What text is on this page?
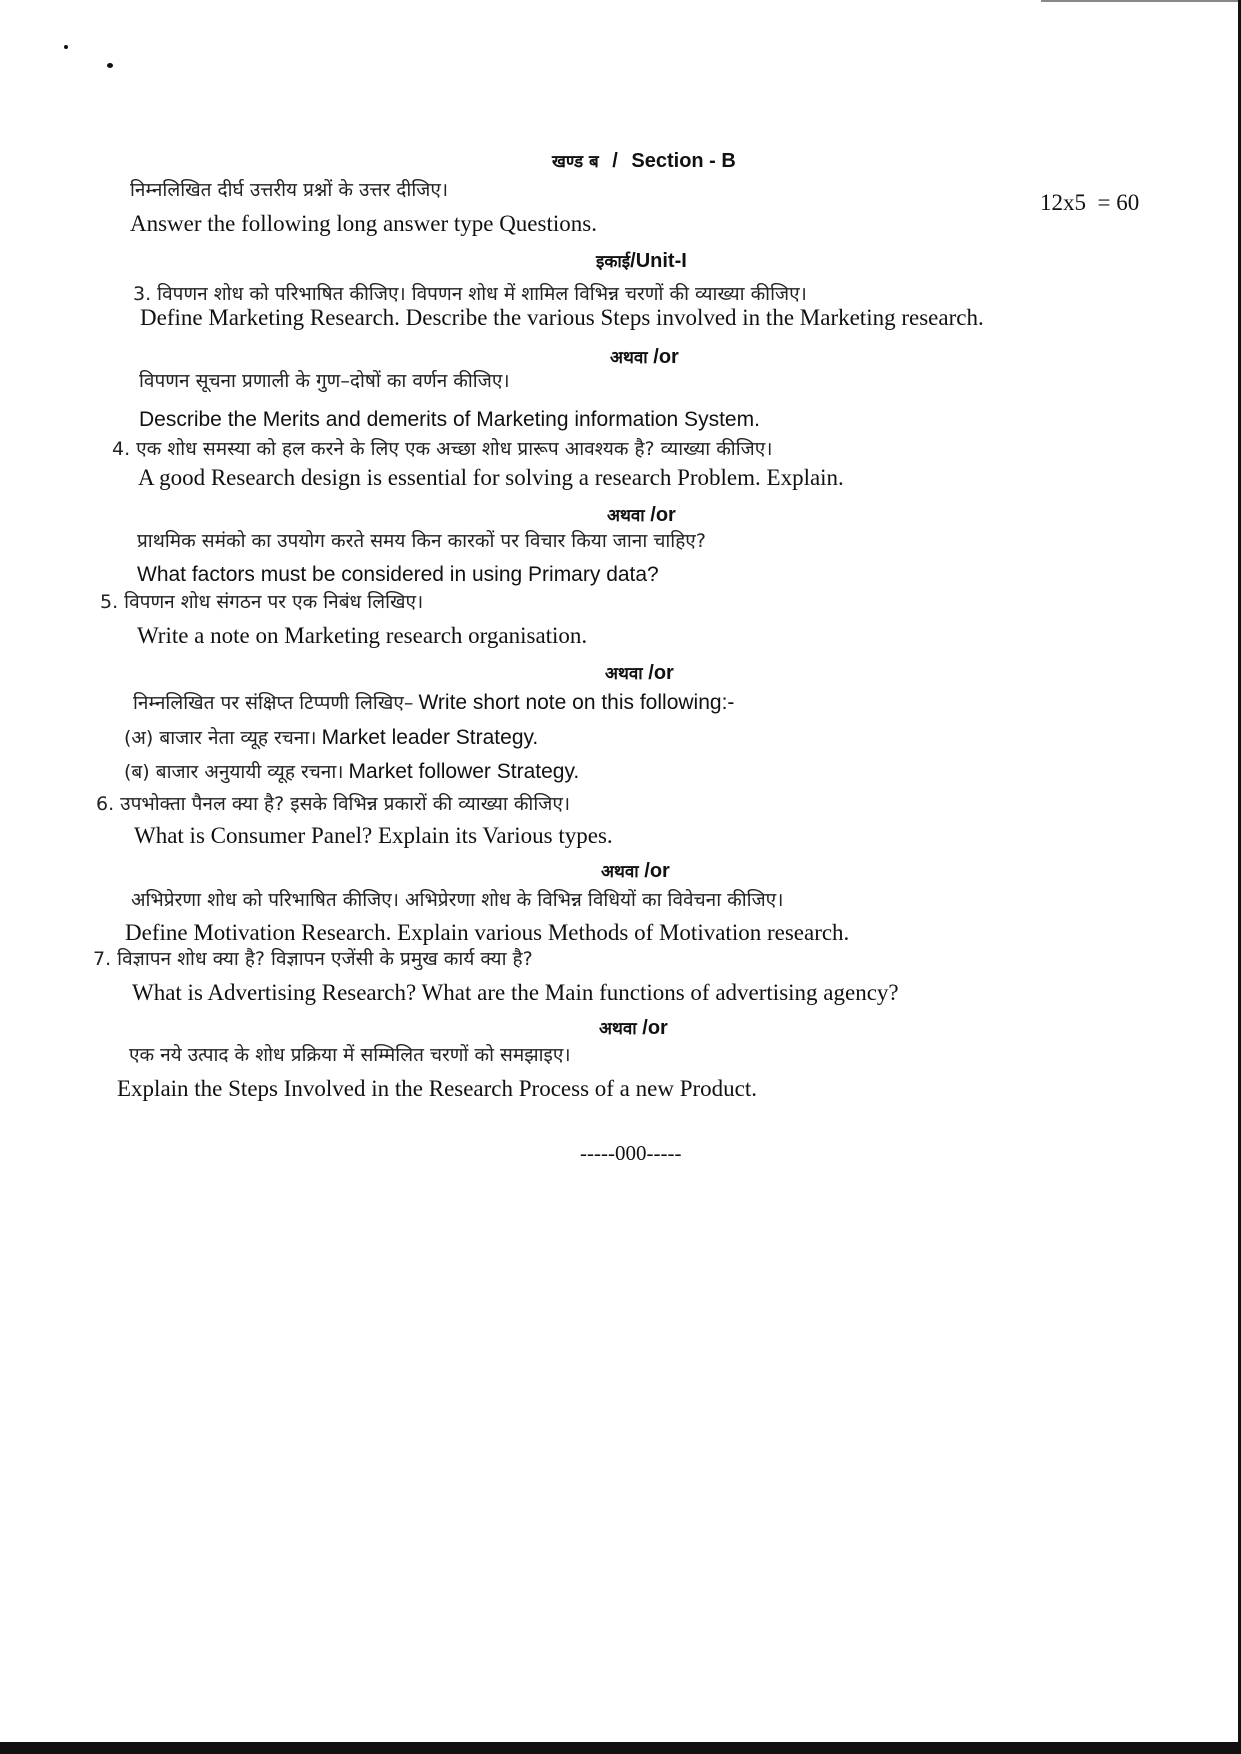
खण्ड ब / Section - B
निम्नलिखित दीर्घ उत्तरीय प्रश्नों के उत्तर दीजिए।	12x5  = 60
Answer the following long answer type Questions.
इकाई/Unit-I
3. विपणन शोध को परिभाषित कीजिए। विपणन शोध में शामिल विभिन्न चरणों की व्याख्या कीजिए।
Define Marketing Research. Describe the various Steps involved in the Marketing research.
अथवा /or
विपणन सूचना प्रणाली के गुण–दोषों का वर्णन कीजिए।
Describe the Merits and demerits of Marketing information System.
4. एक शोध समस्या को हल करने के लिए एक अच्छा शोध प्रारूप आवश्यक है? व्याख्या कीजिए।
A good Research design is essential for solving a research Problem. Explain.
अथवा /or
प्राथमिक समंको का उपयोग करते समय किन कारकों पर विचार किया जाना चाहिए?
What factors must be considered in using Primary data?
5. विपणन शोध संगठन पर एक निबंध लिखिए।
Write a note on Marketing research organisation.
अथवा /or
निम्नलिखित पर संक्षिप्त टिप्पणी लिखिए– Write short note on this following:-
(अ) बाजार नेता व्यूह रचना। Market leader Strategy.
(ब) बाजार अनुयायी व्यूह रचना। Market follower Strategy.
6. उपभोक्ता पैनल क्या है? इसके विभिन्न प्रकारों की व्याख्या कीजिए।
What is Consumer Panel? Explain its Various types.
अथवा /or
अभिप्रेरणा शोध को परिभाषित कीजिए। अभिप्रेरणा शोध के विभिन्न विधियों का विवेचना कीजिए।
Define Motivation Research. Explain various Methods of Motivation research.
7. विज्ञापन शोध क्या है? विज्ञापन एजेंसी के प्रमुख कार्य क्या है?
What is Advertising Research? What are the Main functions of advertising agency?
अथवा /or
एक नये उत्पाद के शोध प्रक्रिया में सम्मिलित चरणों को समझाइए।
Explain the Steps Involved in the Research Process of a new Product.
-----000-----
